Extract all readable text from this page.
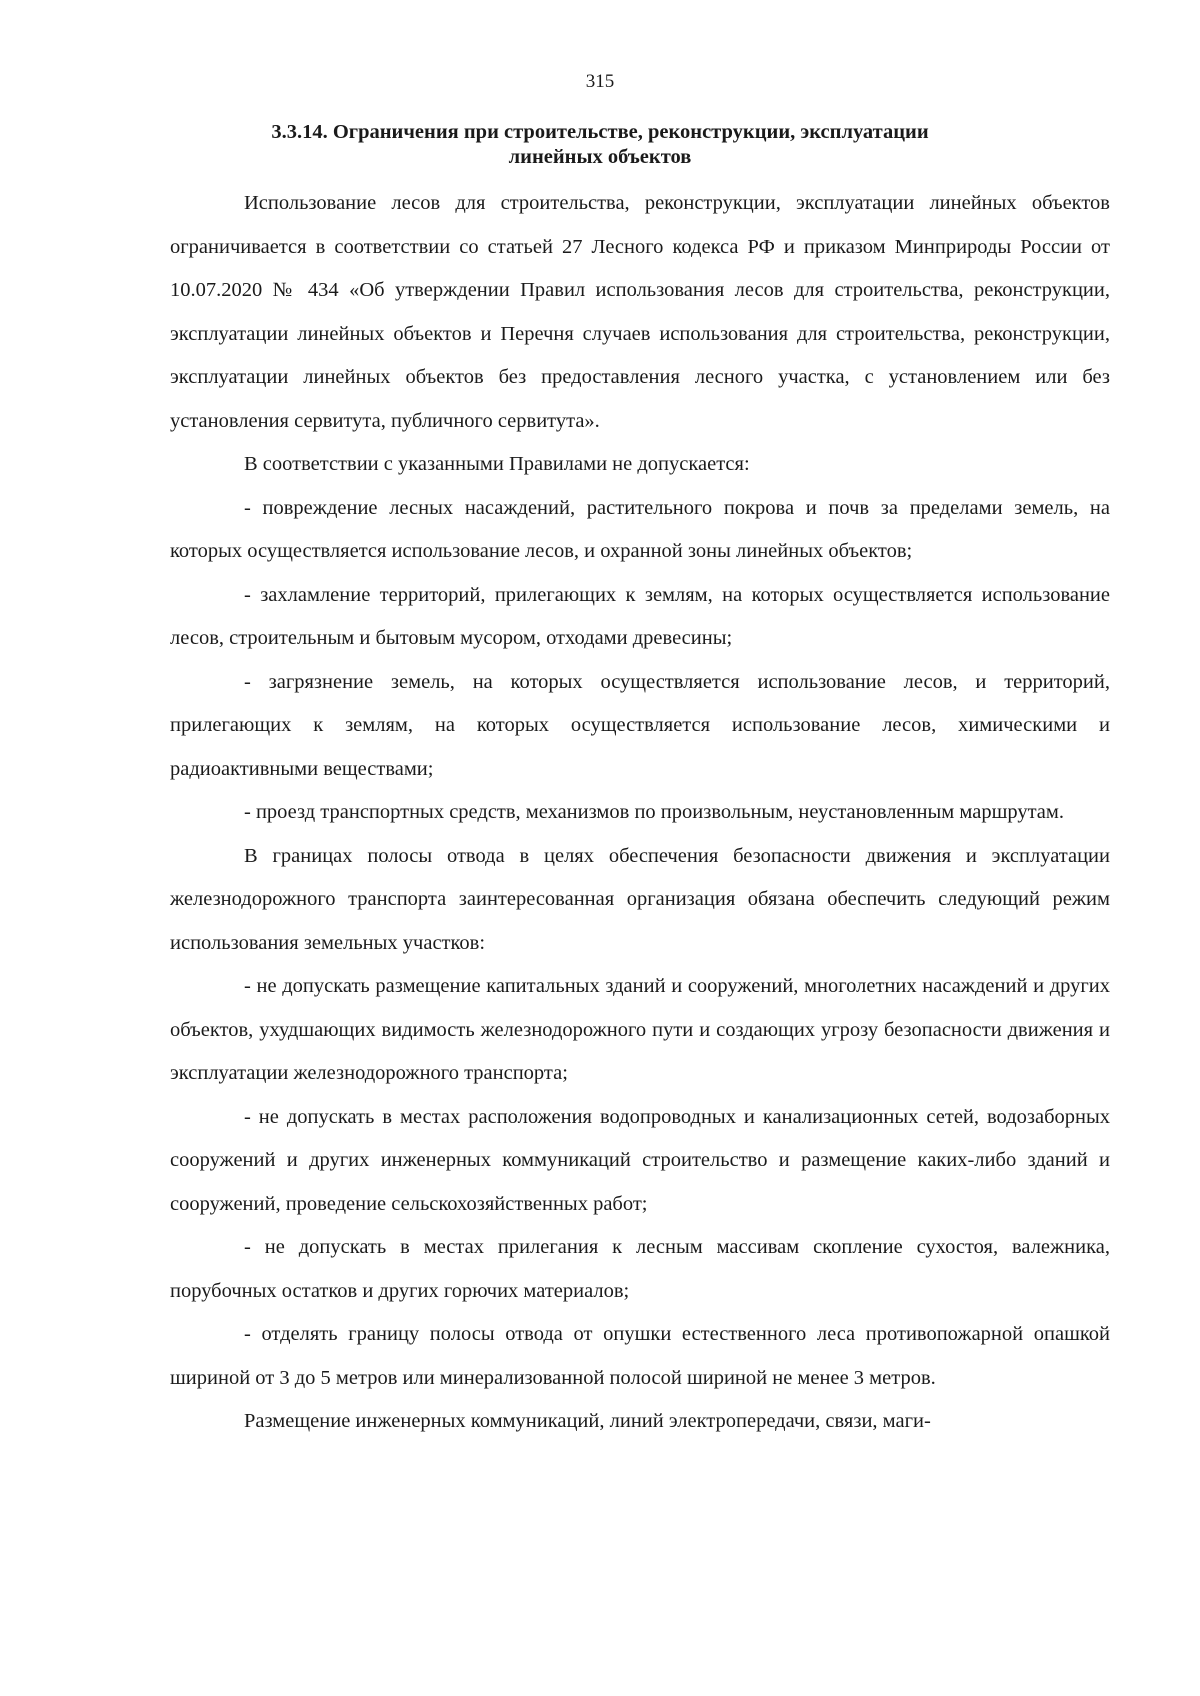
315
3.3.14. Ограничения при строительстве, реконструкции, эксплуатации
линейных объектов

Использование лесов для строительства, реконструкции, эксплуатации линейных объектов ограничивается в соответствии со статьей 27 Лесного кодекса РФ и приказом Минприроды России от 10.07.2020 № 434 «Об утверждении Правил использования лесов для строительства, реконструкции, эксплуатации линейных объектов и Перечня случаев использования для строительства, реконструкции, эксплуатации линейных объектов без предоставления лесного участка, с установлением или без установления сервитута, публичного сервитута».

В соответствии с указанными Правилами не допускается:

- повреждение лесных насаждений, растительного покрова и почв за пределами земель, на которых осуществляется использование лесов, и охранной зоны линейных объектов;

- захламление территорий, прилегающих к землям, на которых осуществляется использование лесов, строительным и бытовым мусором, отходами древесины;

- загрязнение земель, на которых осуществляется использование лесов, и территорий, прилегающих к землям, на которых осуществляется использование лесов, химическими и радиоактивными веществами;

- проезд транспортных средств, механизмов по произвольным, неустановленным маршрутам.

В границах полосы отвода в целях обеспечения безопасности движения и эксплуатации железнодорожного транспорта заинтересованная организация обязана обеспечить следующий режим использования земельных участков:

- не допускать размещение капитальных зданий и сооружений, многолетних насаждений и других объектов, ухудшающих видимость железнодорожного пути и создающих угрозу безопасности движения и эксплуатации железнодорожного транспорта;

- не допускать в местах расположения водопроводных и канализационных сетей, водозаборных сооружений и других инженерных коммуникаций строительство и размещение каких-либо зданий и сооружений, проведение сельскохозяйственных работ;

- не допускать в местах прилегания к лесным массивам скопление сухостоя, валежника, порубочных остатков и других горючих материалов;

- отделять границу полосы отвода от опушки естественного леса противопожарной опашкой шириной от 3 до 5 метров или минерализованной полосой шириной не менее 3 метров.

Размещение инженерных коммуникаций, линий электропередачи, связи, маги-
